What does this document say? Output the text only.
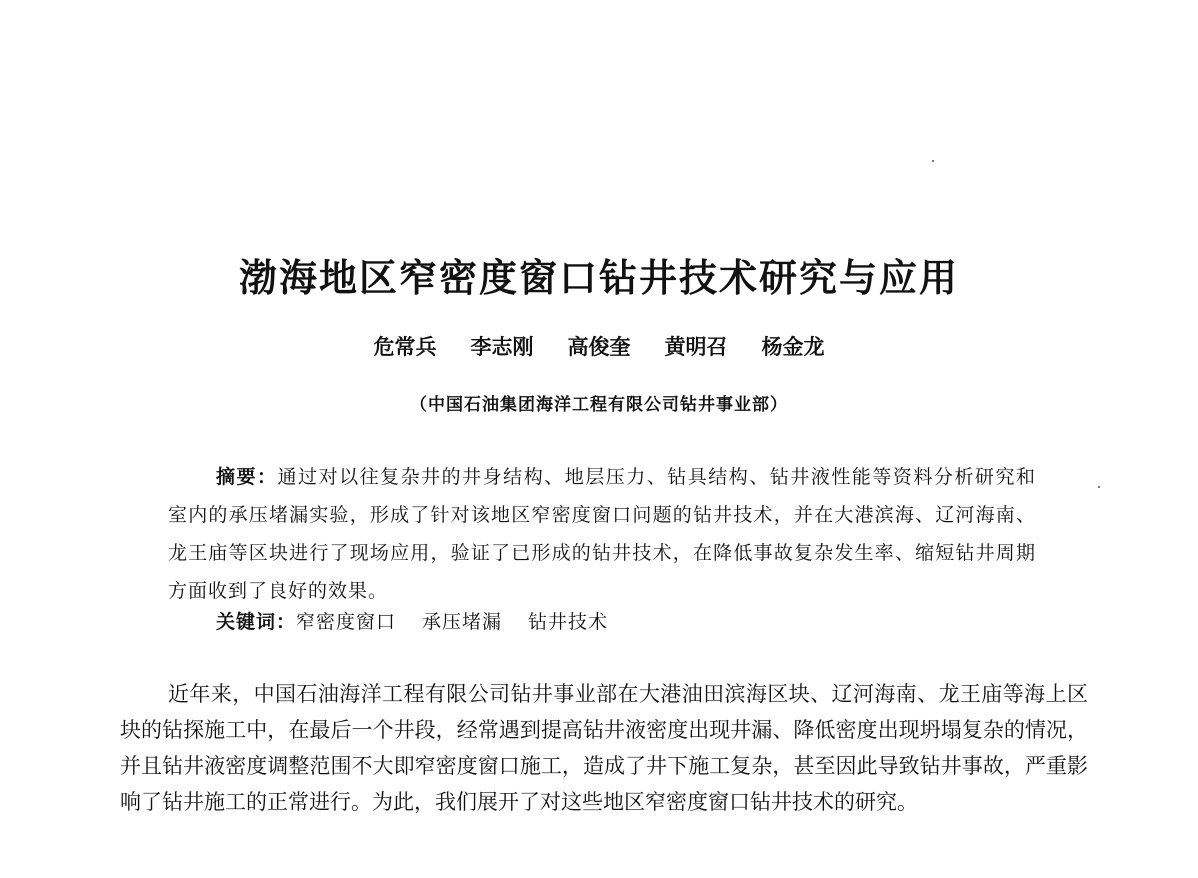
渤海地区窄密度窗口钻井技术研究与应用
危常兵 李志刚 高俊奎 黄明召 杨金龙
（中国石油集团海洋工程有限公司钻井事业部）
摘要：通过对以往复杂井的井身结构、地层压力、钻具结构、钻井液性能等资料分析研究和室内的承压堵漏实验，形成了针对该地区窄密度窗口问题的钻井技术，并在大港滨海、辽河海南、龙王庙等区块进行了现场应用，验证了已形成的钻井技术，在降低事故复杂发生率、缩短钻井周期方面收到了良好的效果。
关键词：窄密度窗口 承压堵漏 钻井技术
近年来，中国石油海洋工程有限公司钻井事业部在大港油田滨海区块、辽河海南、龙王庙等海上区块的钻探施工中，在最后一个井段，经常遇到提高钻井液密度出现井漏、降低密度出现坍塌复杂的情况，并且钻井液密度调整范围不大即窄密度窗口施工，造成了井下施工复杂，甚至因此导致钻井事故，严重影响了钻井施工的正常进行。为此，我们展开了对这些地区窄密度窗口钻井技术的研究。
